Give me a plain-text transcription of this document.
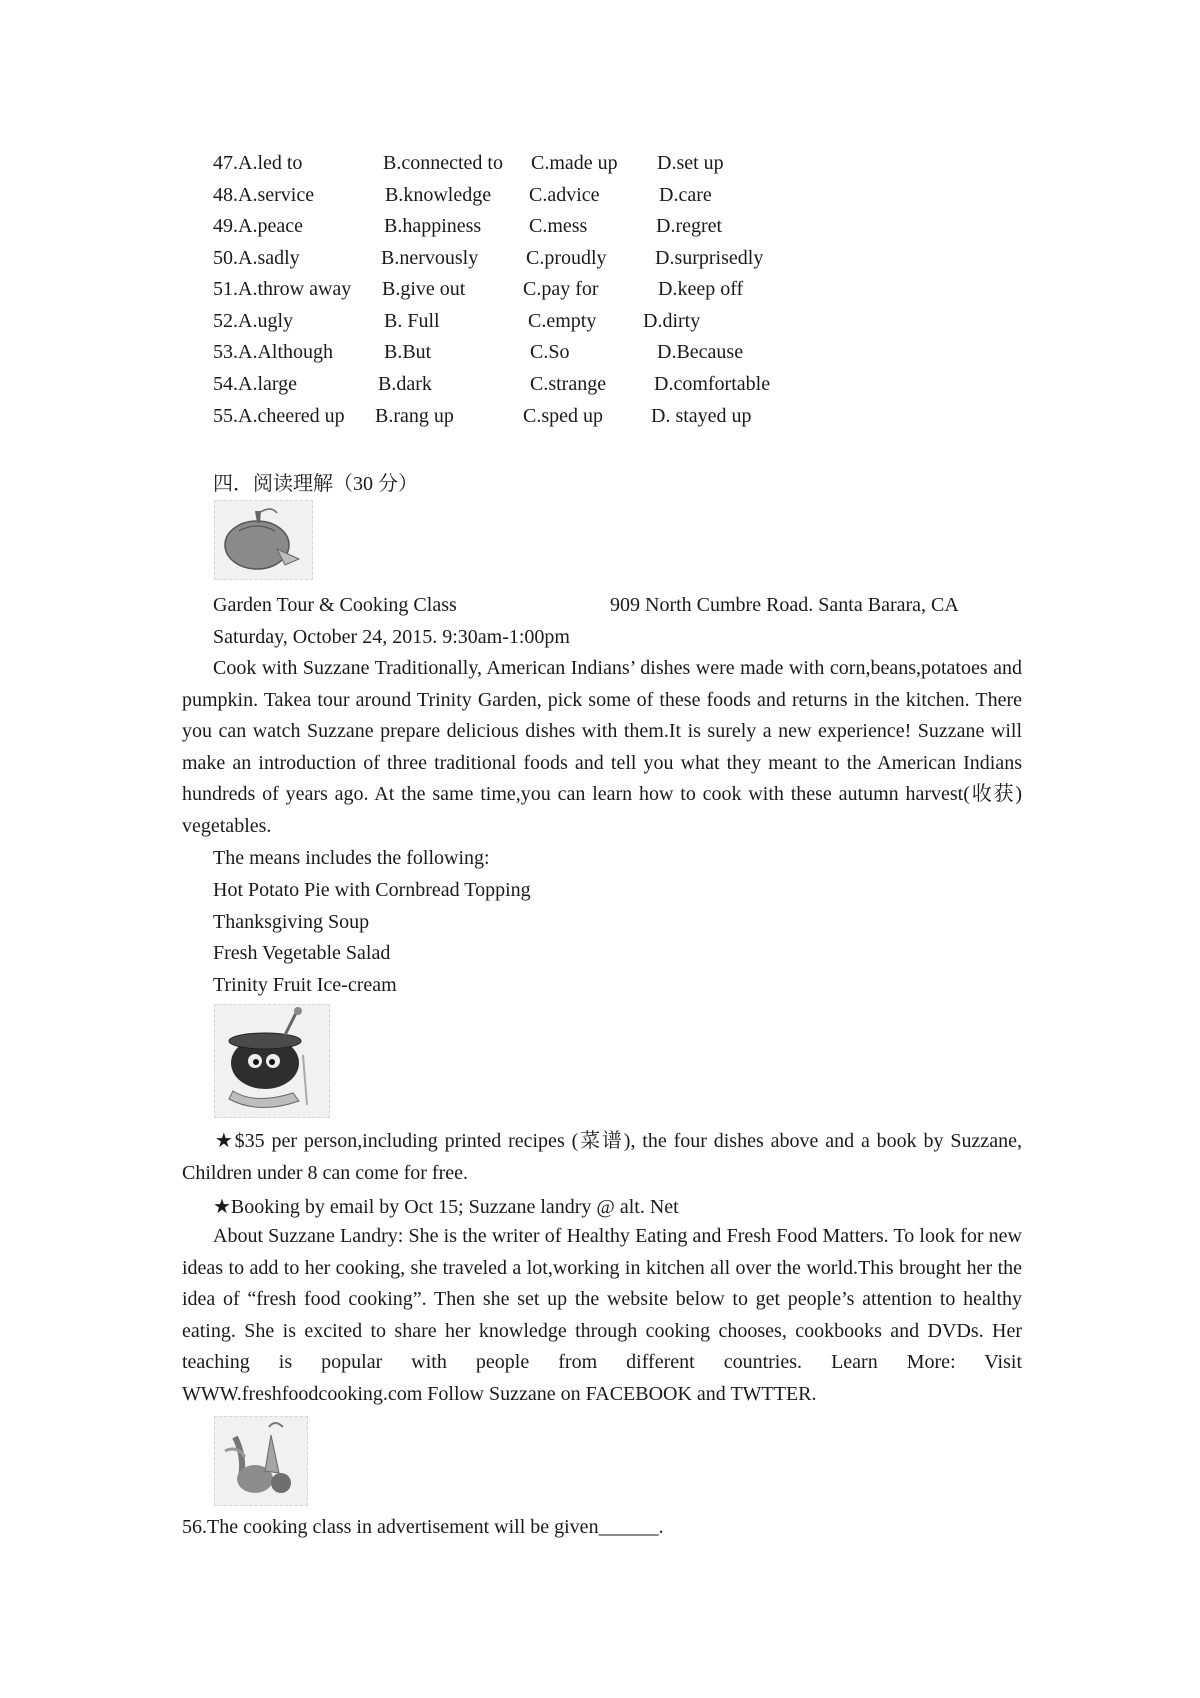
47.A.led to	B.connected to C.made up D.set up
48.A.service	B.knowledge C.advice	D.care
49.A.peace	B.happiness C.mess	D.regret
50.A.sadly	B.nervously C.proudly D.surprisedly
51.A.throw away B.give out	C.pay for	D.keep off
52.A.ugly	B. Full	C.empty D.dirty
53.A.Although	B.But	C.So	D.Because
54.A.large	B.dark	C.strange D.comfortable
55.A.cheered up B.rang up	C.sped up D. stayed up
四．阅读理解（30 分）
Garden Tour & Cooking Class	909 North Cumbre Road. Santa Barara, CA
Saturday, October 24, 2015. 9:30am-1:00pm
Cook with Suzzane Traditionally, American Indians’ dishes were made with corn,beans,potatoes and pumpkin. Takea tour around Trinity Garden, pick some of these foods and returns in the kitchen. There you can watch Suzzane prepare delicious dishes with them.It is surely a new experience! Suzzane will make an introduction of three traditional foods and tell you what they meant to the American Indians hundreds of years ago. At the same time,you can learn how to cook with these autumn harvest(收获) vegetables.
The means includes the following:
Hot Potato Pie with Cornbread Topping
Thanksgiving Soup
Fresh Vegetable Salad
Trinity Fruit Ice-cream
★$35 per person,including printed recipes (菜谱), the four dishes above and a book by Suzzane, Children under 8 can come for free.
★Booking by email by Oct 15; Suzzane landry @ alt. Net
About Suzzane Landry: She is the writer of Healthy Eating and Fresh Food Matters. To look for new ideas to add to her cooking, she traveled a lot,working in kitchen all over the world.This brought her the idea of “fresh food cooking”. Then she set up the website below to get people’s attention to healthy eating. She is excited to share her knowledge through cooking chooses, cookbooks and DVDs. Her teaching is popular with people from different countries. Learn More: Visit WWW.freshfoodcooking.com Follow Suzzane on FACEBOOK and TWTTER.
56.The cooking class in advertisement will be given______.
